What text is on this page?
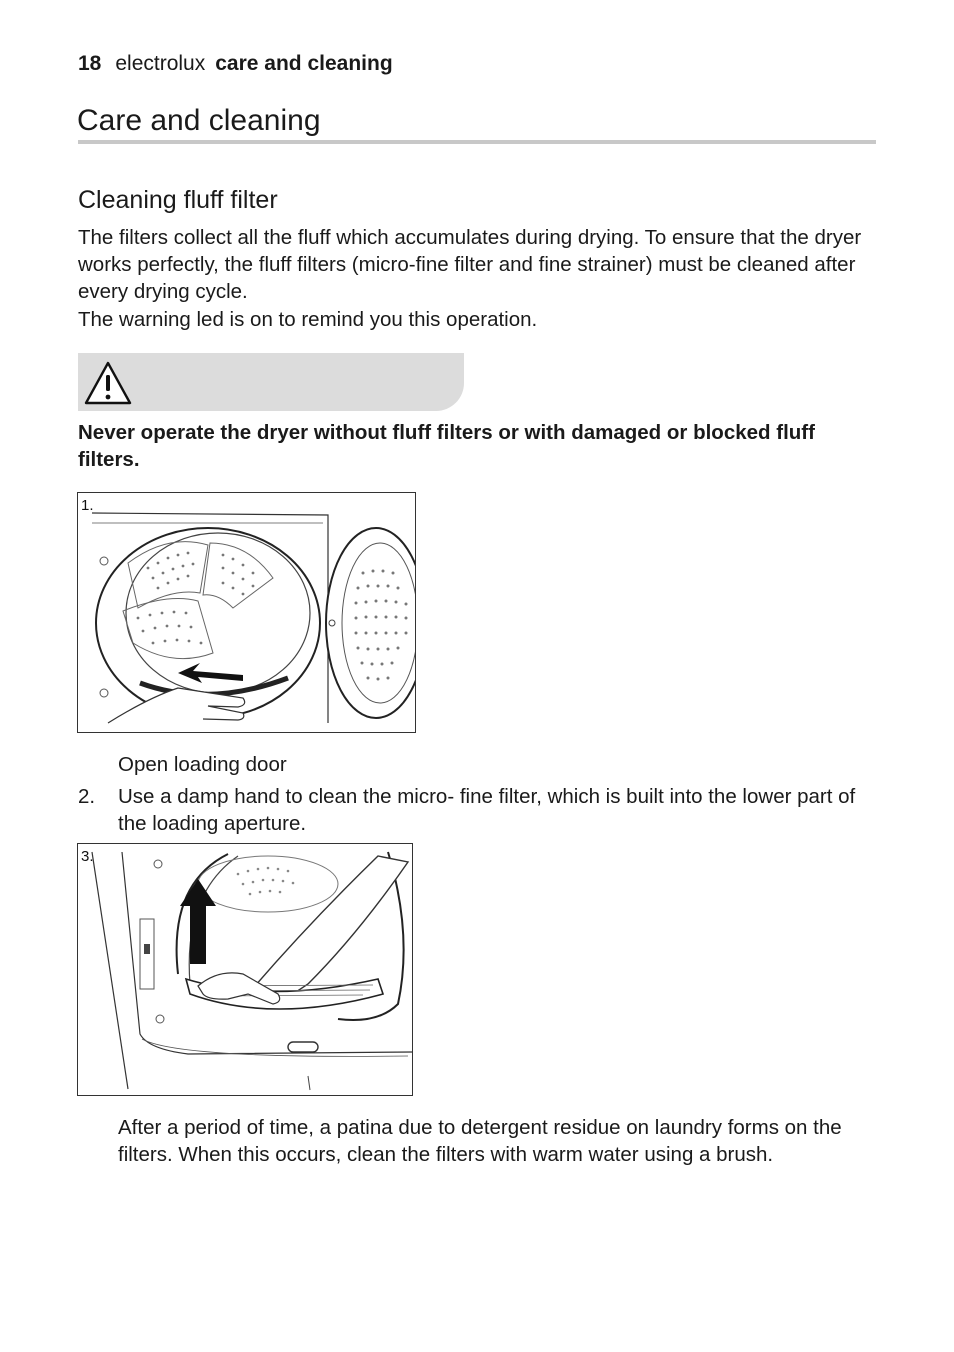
18 electrolux care and cleaning
Care and cleaning
Cleaning fluff filter
The filters collect all the fluff which accumulates during drying. To ensure that the dryer works perfectly, the fluff filters (micro-fine filter and fine strainer) must be cleaned after every drying cycle.
The warning led is on to remind you this operation.
Never operate the dryer without fluff filters or with damaged or blocked fluff filters.
1.
Open loading door
2. Use a damp hand to clean the micro- fine filter, which is built into the lower part of the loading aperture.
3.
After a period of time, a patina due to detergent residue on laundry forms on the filters. When this occurs, clean the filters with warm water using a brush.
